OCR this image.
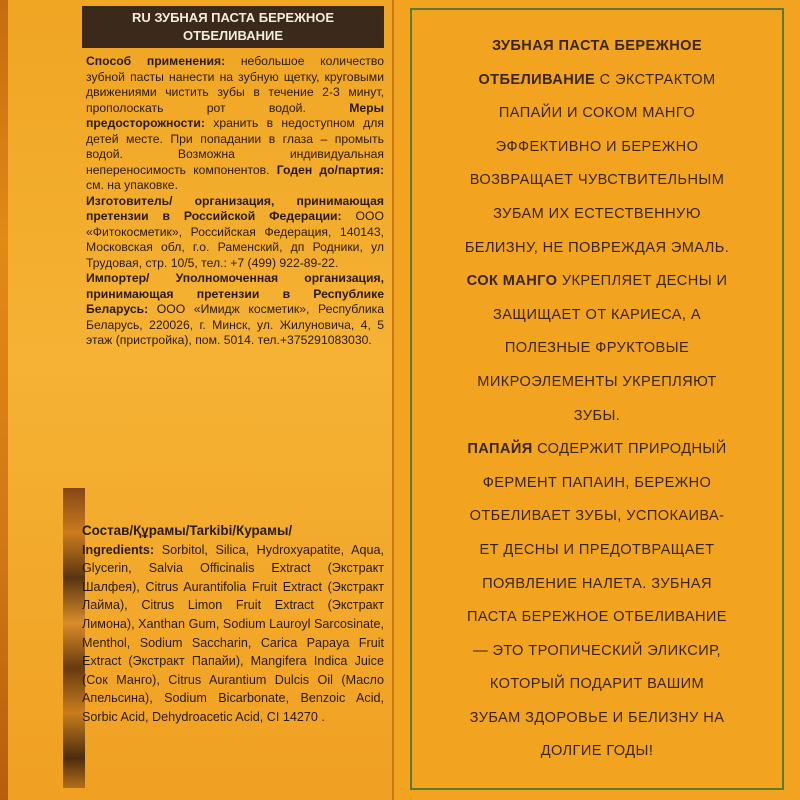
RU ЗУБНАЯ ПАСТА БЕРЕЖНОЕ
ОТБЕЛИВАНИЕ

Способ применения: небольшое количество зубной пасты нанести на зубную щетку, круговыми движениями чистить зубы в течение 2-3 минут, прополоскать рот водой.	Меры предосторожности: хранить в недоступном для детей месте. При попадании в глаза – промыть водой. Возможна индивидуальная непереносимость компонентов. Годен до/партия: см. на упаковке.

Изготовитель/ организация, принимающая претензии в Российской Федерации: ООО «Фитокосметик», Российская Федерация, 140143, Московская обл, г.о. Раменский, дп Родники, ул Трудовая, стр. 10/5, тел.: +7 (499) 922-89-22.

Импортер/ Уполномоченная организация, принимающая претензии в Республике Беларусь: ООО «Имидж косметик», Республика Беларусь, 220026, г. Минск, ул. Жилуновича, 4, 5 этаж (пристройка), пом. 5014. тел.+375291083030.

Состав/Құрамы/Tarkibi/Курамы/
Ingredients: Sorbitol, Silica, Hydroxyapatite, Aqua, Glycerin, Salvia Officinalis Extract (Экстракт Шалфея), Citrus Aurantifolia Fruit Extract (Экстракт Лайма), Citrus Limon Fruit Extract (Экстракт Лимона), Xanthan Gum, Sodium Lauroyl Sarcosinate, Menthol, Sodium Saccharin, Carica Papaya Fruit Extract (Экстракт Папайи), Mangifera Indica Juice (Сок Манго), Citrus Aurantium Dulcis Oil (Масло Апельсина), Sodium Bicarbonate, Benzoic Acid, Sorbic Acid, Dehydroacetic Acid, CI 14270 .
ЗУБНАЯ ПАСТА БЕРЕЖНОЕ
ОТБЕЛИВАНИЕ С ЭКСТРАКТОМ
ПАПАЙИ И СОКОМ МАНГО
ЭФФЕКТИВНО И БЕРЕЖНО
ВОЗВРАЩАЕТ ЧУВСТВИТЕЛЬНЫМ
ЗУБАМ ИХ ЕСТЕСТВЕННУЮ
БЕЛИЗНУ, НЕ ПОВРЕЖДАЯ ЭМАЛЬ.
СОК МАНГО УКРЕПЛЯЕТ ДЕСНЫ И
ЗАЩИЩАЕТ ОТ КАРИЕСА, А
ПОЛЕЗНЫЕ ФРУКТОВЫЕ
МИКРОЭЛЕМЕНТЫ УКРЕПЛЯЮТ
ЗУБЫ.
ПАПАЙЯ СОДЕРЖИТ ПРИРОДНЫЙ
ФЕРМЕНТ ПАПАИН, БЕРЕЖНО
ОТБЕЛИВАЕТ ЗУБЫ, УСПОКАИВА-
ЕТ ДЕСНЫ И ПРЕДОТВРАЩАЕТ
ПОЯВЛЕНИЕ НАЛЕТА. ЗУБНАЯ
ПАСТА БЕРЕЖНОЕ ОТБЕЛИВАНИЕ
— ЭТО ТРОПИЧЕСКИЙ ЭЛИКСИР,
КОТОРЫЙ ПОДАРИТ ВАШИМ
ЗУБАМ ЗДОРОВЬЕ И БЕЛИЗНУ НА
ДОЛГИЕ ГОДЫ!
